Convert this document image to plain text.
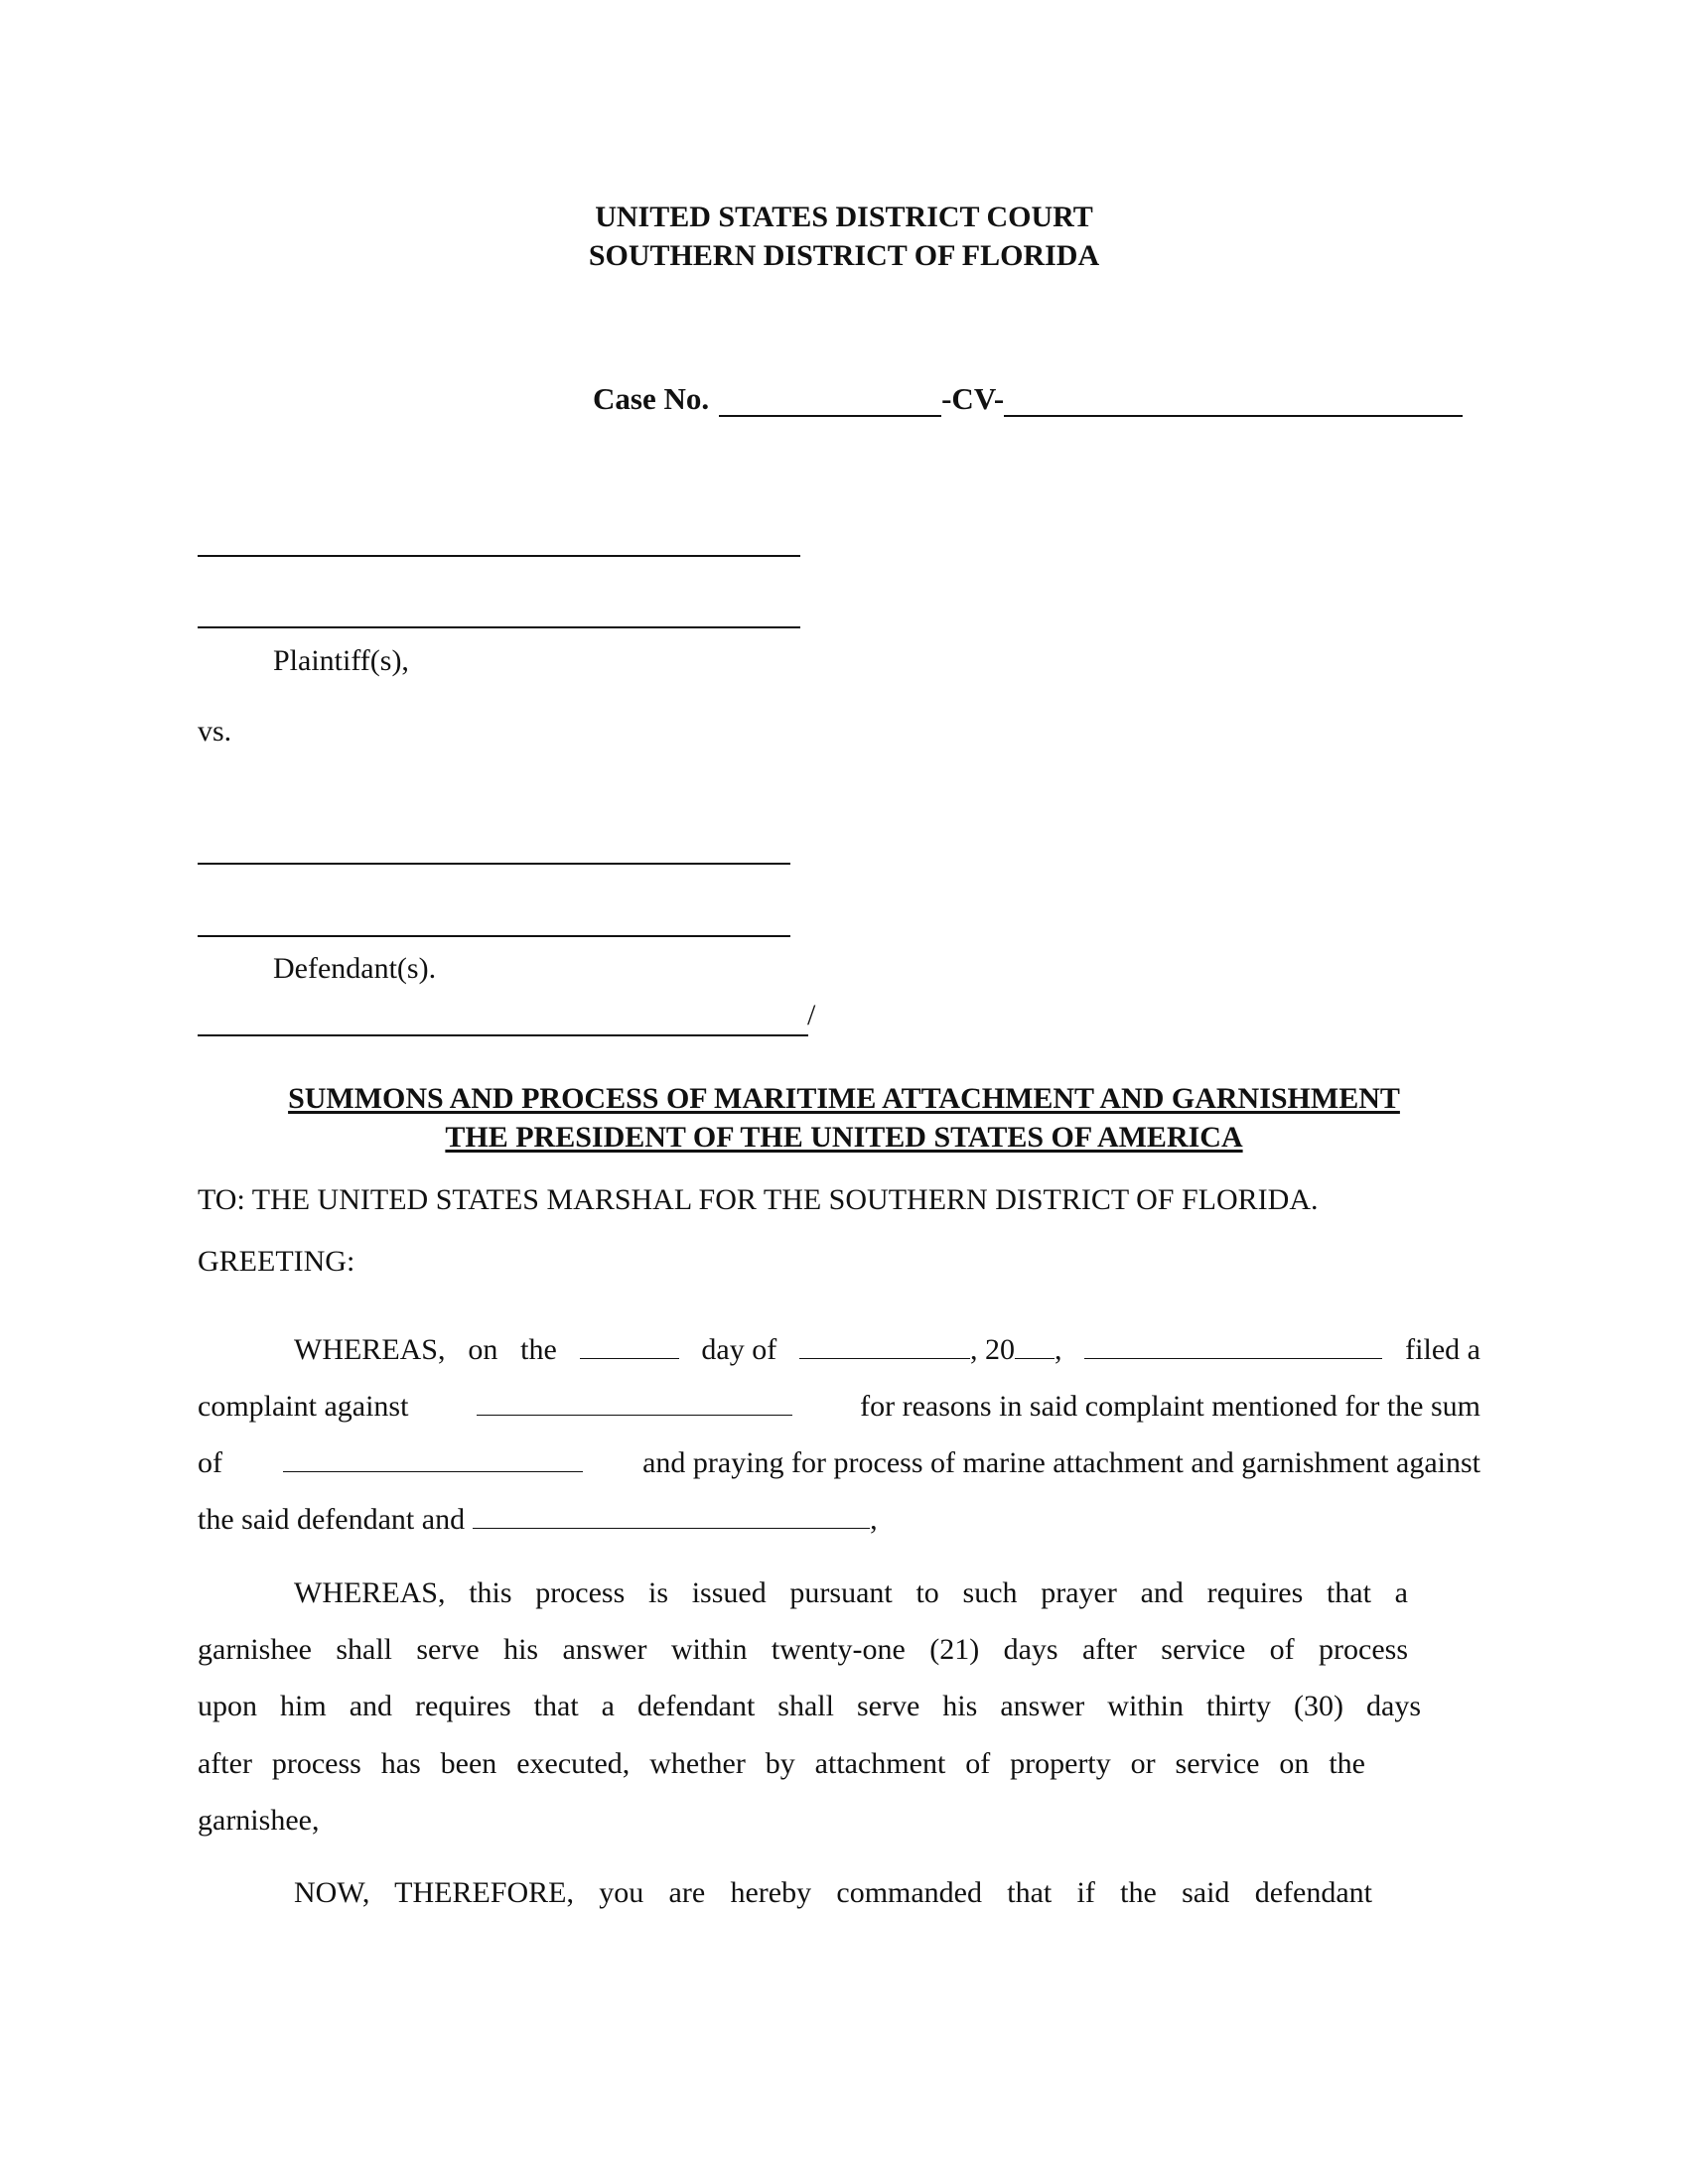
UNITED STATES DISTRICT COURT
SOUTHERN DISTRICT OF FLORIDA
Case No.	-CV-
Plaintiff(s),
vs.
Defendant(s).
/
SUMMONS AND PROCESS OF MARITIME ATTACHMENT AND GARNISHMENT
THE PRESIDENT OF THE UNITED STATES OF AMERICA
TO: THE UNITED STATES MARSHAL FOR THE SOUTHERN DISTRICT OF FLORIDA.
GREETING:
WHEREAS, on the	day of	, 20 ,	filed a
complaint against	for reasons in said complaint mentioned for the sum
of	and praying for process of marine attachment and garnishment against
the said defendant and	,
WHEREAS, this process is issued pursuant to such prayer and requires that a
garnishee shall serve his answer within twenty-one (21) days after service of process
upon him and requires that a defendant shall serve his answer within thirty (30) days
after process has been executed, whether by attachment of property or service on the
garnishee,
NOW, THEREFORE, you are hereby commanded that if the said defendant
